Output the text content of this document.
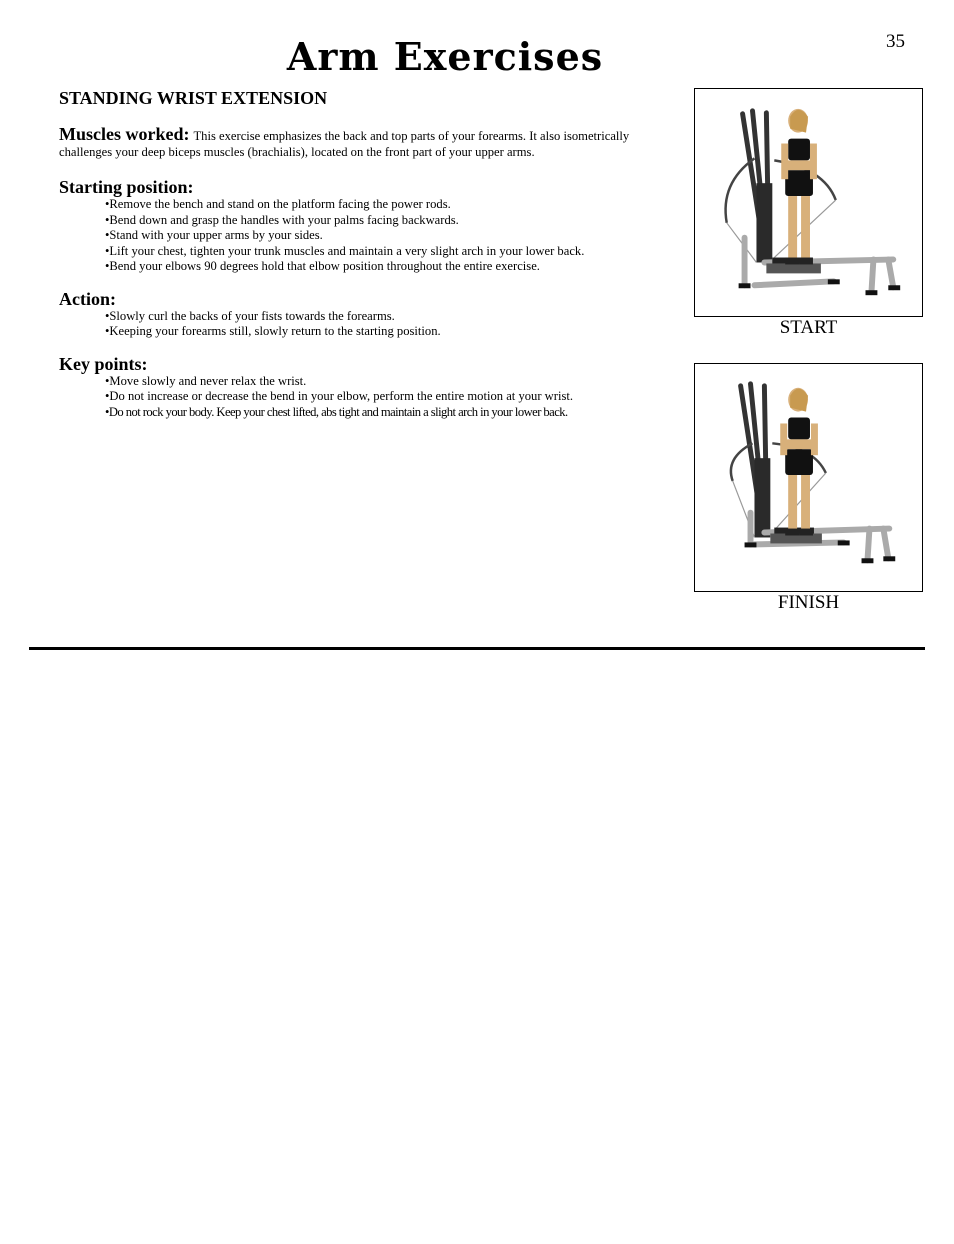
35
Arm Exercises
STANDING WRIST EXTENSION
Muscles worked: This exercise emphasizes the back and top parts of your forearms. It also isometrically challenges your deep biceps muscles (brachialis), located on the front part of your upper arms.
Starting position:
•Remove the bench and stand on the platform facing the power rods.
•Bend down and grasp the handles with your palms facing backwards.
•Stand with your upper arms by your sides.
•Lift your chest, tighten your trunk muscles and maintain a very slight arch in your lower back.
•Bend your elbows 90 degrees hold that elbow position throughout the entire exercise.
Action:
•Slowly curl the backs of your fists towards the forearms.
•Keeping your forearms still, slowly return to the starting position.
Key points:
•Move slowly and never relax the wrist.
•Do not increase or decrease the bend in your elbow, perform the entire motion at your wrist.
•Do not rock your body. Keep your chest lifted, abs tight and maintain a slight arch in your lower back.
START
FINISH
